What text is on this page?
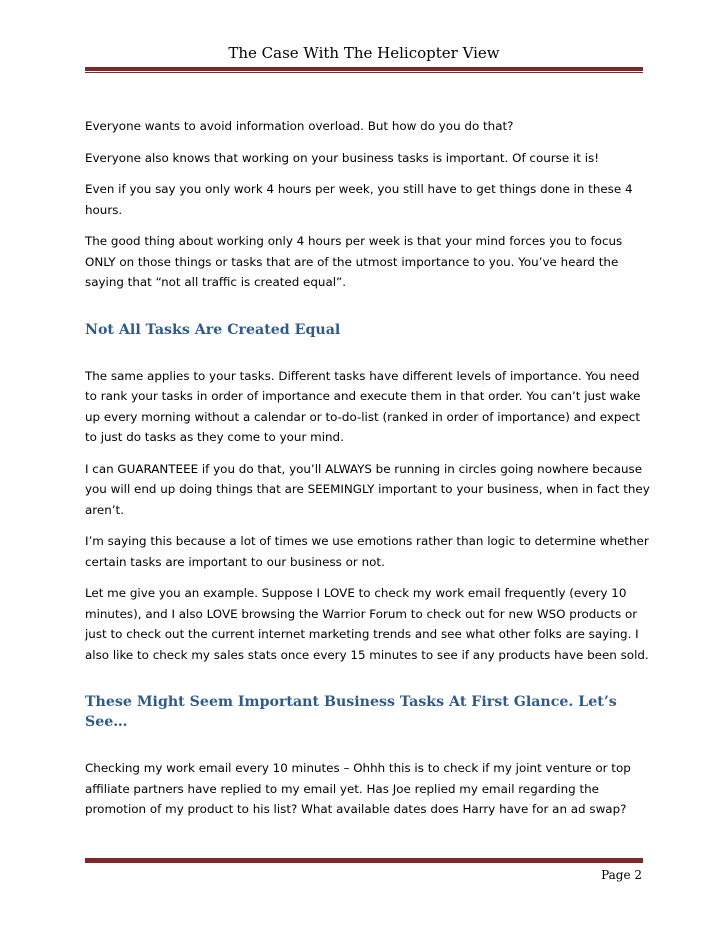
The Case With The Helicopter View

Everyone wants to avoid information overload. But how do you do that?

Everyone also knows that working on your business tasks is important. Of course it is!

Even if you say you only work 4 hours per week, you still have to get things done in these 4 hours.

The good thing about working only 4 hours per week is that your mind forces you to focus ONLY on those things or tasks that are of the utmost importance to you. You’ve heard the saying that “not all traffic is created equal”.

Not All Tasks Are Created Equal

The same applies to your tasks. Different tasks have different levels of importance. You need to rank your tasks in order of importance and execute them in that order. You can’t just wake up every morning without a calendar or to-do-list (ranked in order of importance) and expect to just do tasks as they come to your mind.

I can GUARANTEEE if you do that, you’ll ALWAYS be running in circles going nowhere because you will end up doing things that are SEEMINGLY important to your business, when in fact they aren’t.

I’m saying this because a lot of times we use emotions rather than logic to determine whether certain tasks are important to our business or not.

Let me give you an example. Suppose I LOVE to check my work email frequently (every 10 minutes), and I also LOVE browsing the Warrior Forum to check out for new WSO products or just to check out the current internet marketing trends and see what other folks are saying. I also like to check my sales stats once every 15 minutes to see if any products have been sold.

These Might Seem Important Business Tasks At First Glance. Let’s See…

Checking my work email every 10 minutes – Ohhh this is to check if my joint venture or top affiliate partners have replied to my email yet. Has Joe replied my email regarding the promotion of my product to his list? What available dates does Harry have for an ad swap?

Page 2
